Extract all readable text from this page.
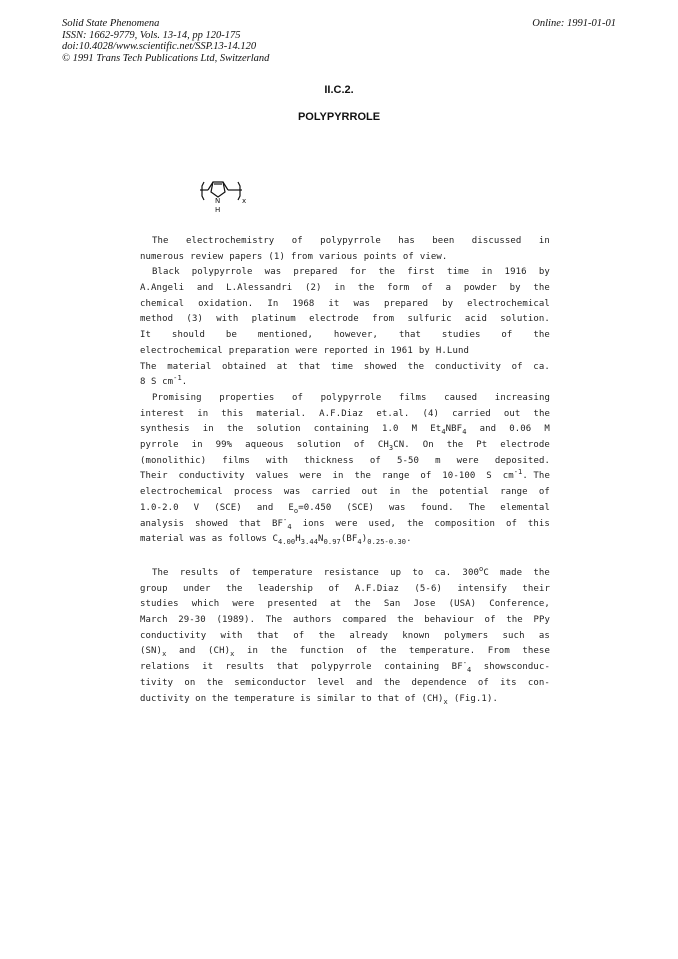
Solid State Phenomena
ISSN: 1662-9779, Vols. 13-14, pp 120-175
doi:10.4028/www.scientific.net/SSP.13-14.120
© 1991 Trans Tech Publications Ltd, Switzerland
Online: 1991-01-01
II.C.2.
POLYPYRROLE
N
H
x
The electrochemistry of polypyrrole has been discussed in
numerous review papers (1) from various points of view.
Black polypyrrole was prepared for the first time in 1916 by
A.Angeli and L.Alessandri (2) in the form of a powder by the
chemical oxidation. In 1968 it was prepared by electrochemical
method (3) with platinum electrode from sulfuric acid solution.
It should be mentioned, however, that studies of the
electrochemical preparation were reported in 1961 by H.Lund
The material obtained at that time showed the conductivity of ca.
8 S $cm^{-1}$.
Promising properties of polypyrrole films caused increasing
interest in this material. A.F.Diaz et.al. (4) carried out the
synthesis in the solution containing 1.0 M $Et_4NBF_4$ and 0.06 M
pyrrole in 99% aqueous solution of $CH_3CN$. On the Pt electrode
(monolithic) films with thickness of 5-50 m were deposited.
Their conductivity values were in the range of 10-100 S $cm^{-1}$. The
electrochemical process was carried out in the potential range of
1.0-2.0 V (SCE) and $E_o=0.450$ (SCE) was found. The elemental
analysis showed that $BF^-_4$ ions were used, the composition of this
material was as follows $C_{4.00}H_{3.44}N_{0.97}(BF_4)_{0.25-0.30}$.
The results of temperature resistance up to ca. 300$^o$C made the
group under the leadership of A.F.Diaz (5-6) intensify their
studies which were presented at the San Jose (USA) Conference,
March 29-30 (1989). The authors compared the behaviour of the PPy
conductivity with that of the already known polymers such as
$(SN)_x$ and $(CH)_x$ in the function of the temperature. From these
relations it results that polypyrrole containing $BF^-_4$ showsconduc-
tivity on the semiconductor level and the dependence of its con-
ductivity on the temperature is similar to that of $(CH)_x$ (Fig.1).
